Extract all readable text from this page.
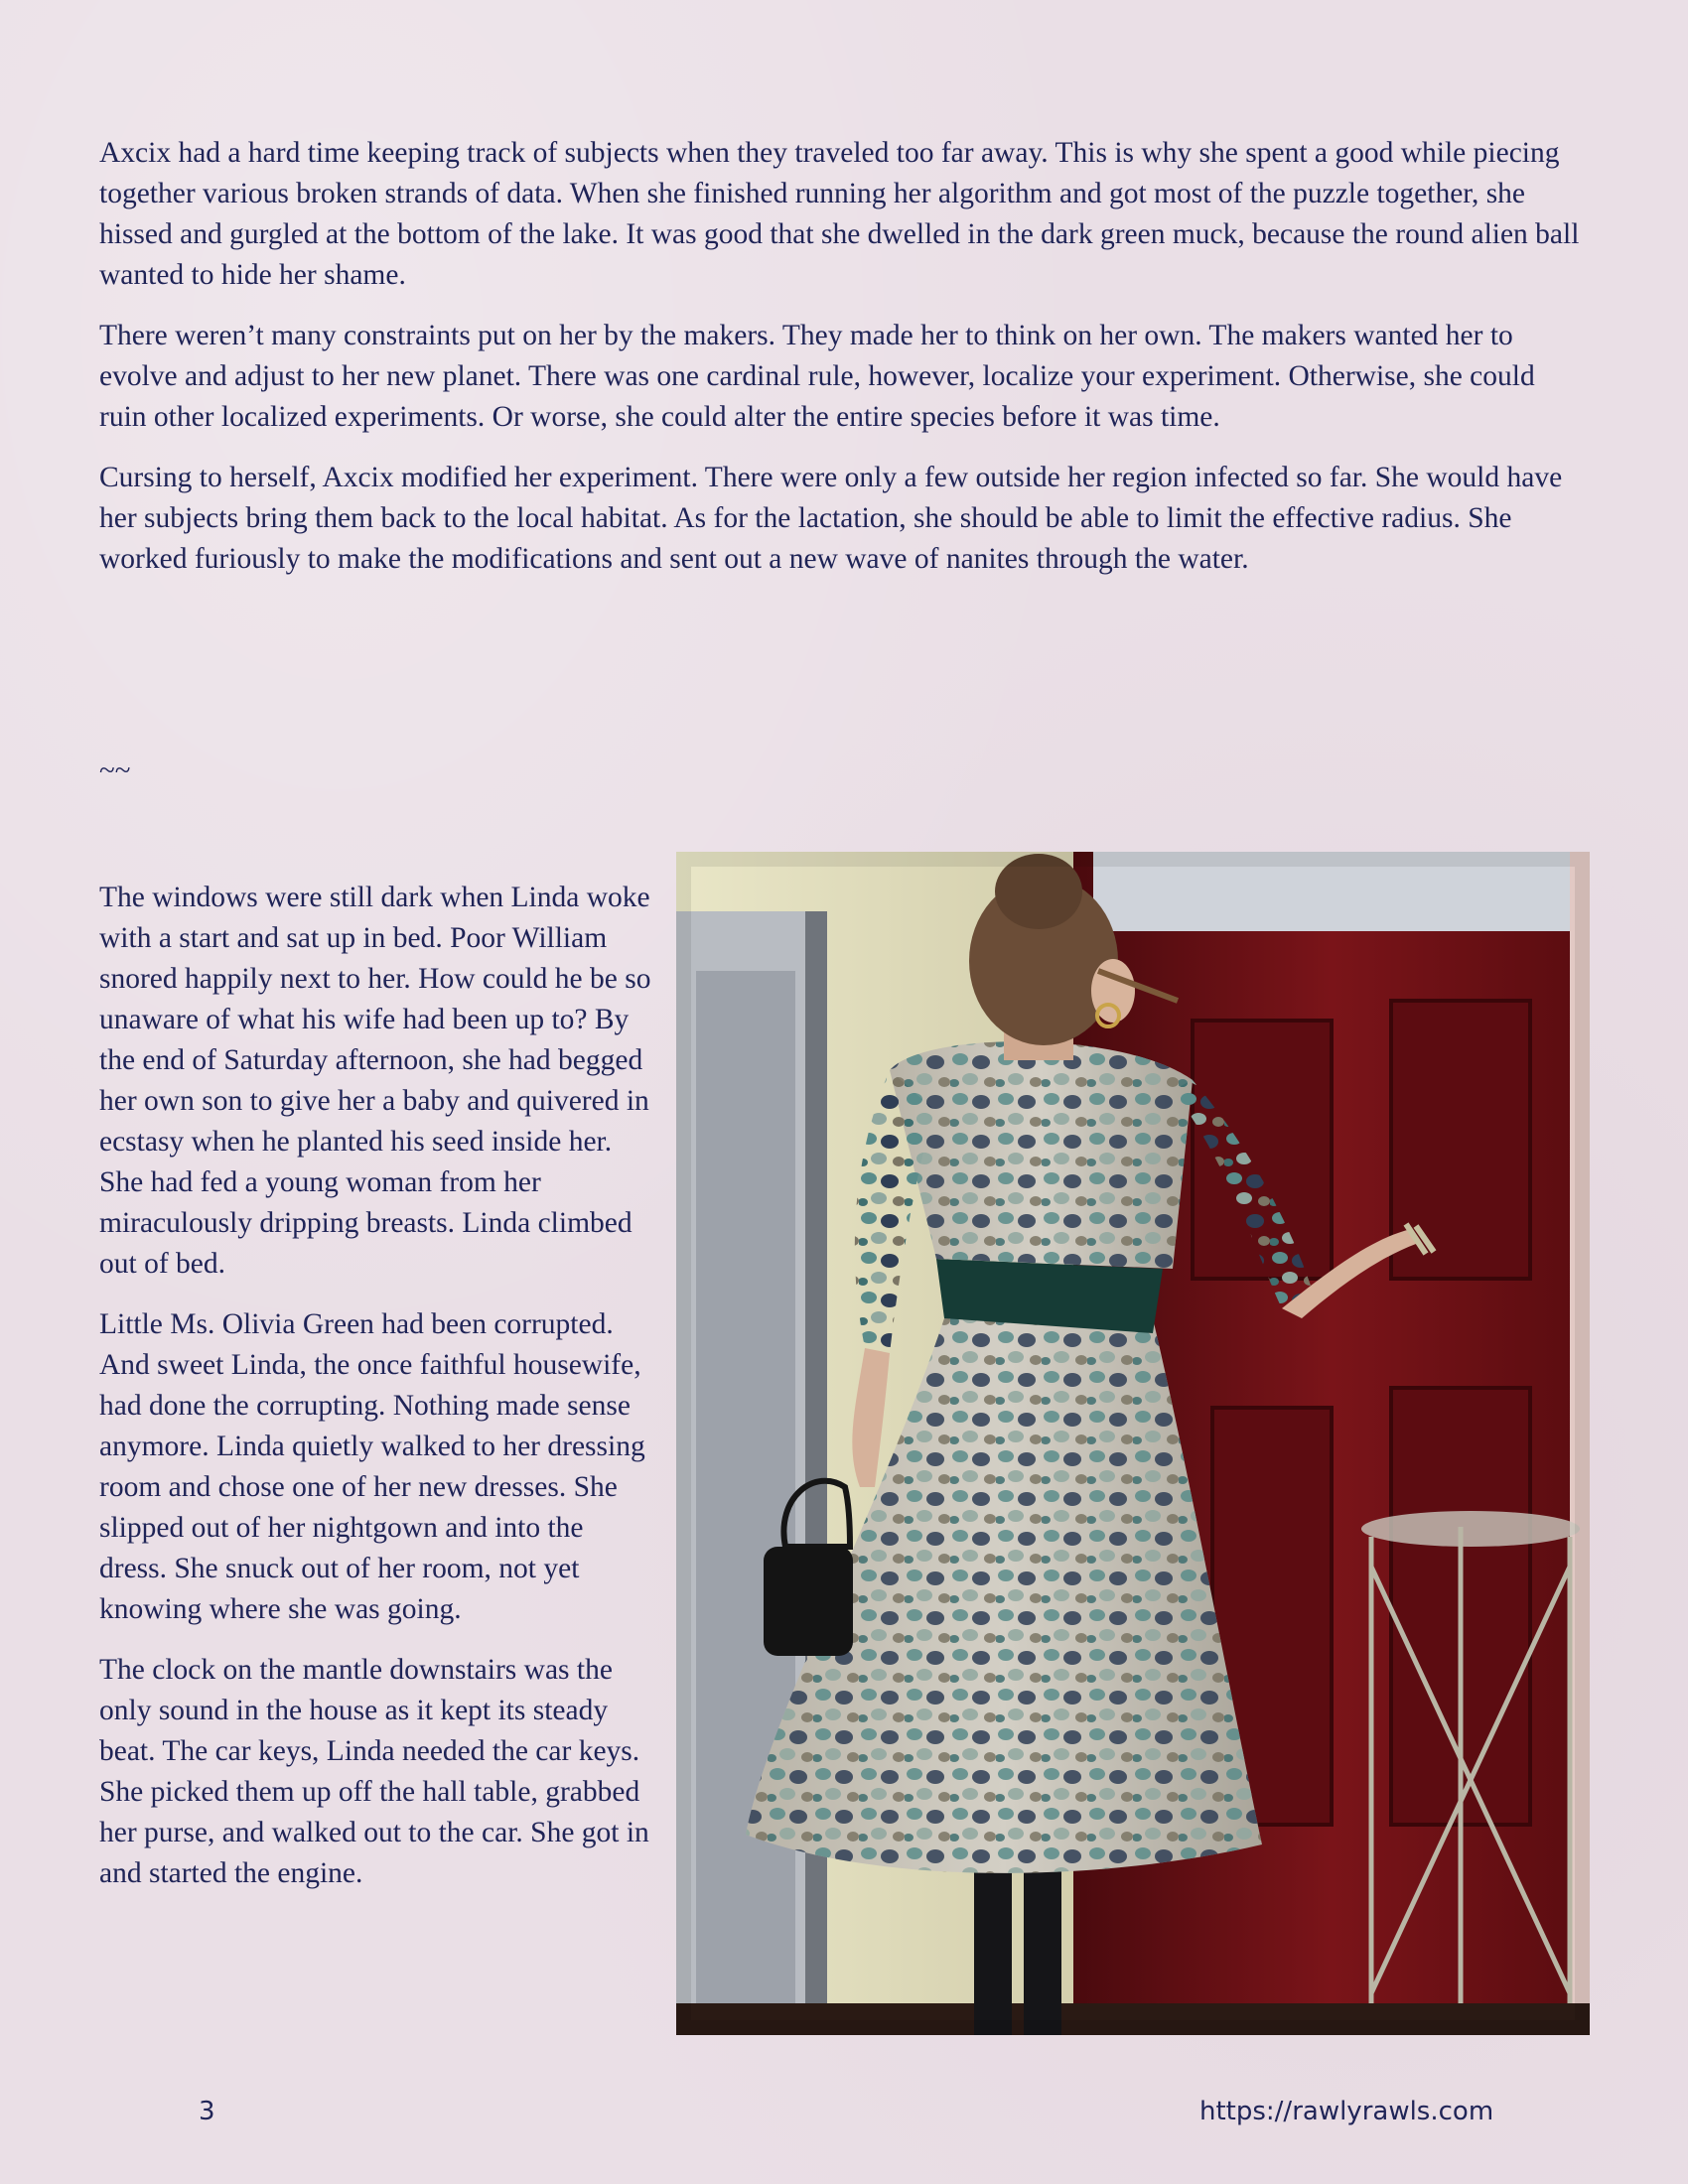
Axcix had a hard time keeping track of subjects when they traveled too far away. This is why she spent a good while piecing together various broken strands of data. When she finished running her algorithm and got most of the puzzle together, she hissed and gurgled at the bottom of the lake. It was good that she dwelled in the dark green muck, because the round alien ball wanted to hide her shame.

There weren’t many constraints put on her by the makers. They made her to think on her own. The makers wanted her to evolve and adjust to her new planet. There was one cardinal rule, however, localize your experiment. Otherwise, she could ruin other localized experiments. Or worse, she could alter the entire species before it was time.

Cursing to herself, Axcix modified her experiment. There were only a few outside her region infected so far. She would have her subjects bring them back to the local habitat. As for the lactation, she should be able to limit the effective radius. She worked furiously to make the modifications and sent out a new wave of nanites through the water.

~~

The windows were still dark when Linda woke with a start and sat up in bed. Poor William snored happily next to her. How could he be so unaware of what his wife had been up to? By the end of Saturday afternoon, she had begged her own son to give her a baby and quivered in ecstasy when he planted his seed inside her. She had fed a young woman from her miraculously dripping breasts. Linda climbed out of bed.

Little Ms. Olivia Green had been corrupted. And sweet Linda, the once faithful housewife, had done the corrupting. Nothing made sense anymore. Linda quietly walked to her dressing room and chose one of her new dresses. She slipped out of her nightgown and into the dress. She snuck out of her room, not yet knowing where she was going.

The clock on the mantle downstairs was the only sound in the house as it kept its steady beat. The car keys, Linda needed the car keys. She picked them up off the hall table, grabbed her purse, and walked out to the car. She got in and started the engine.

3	https://rawlyrawls.com
